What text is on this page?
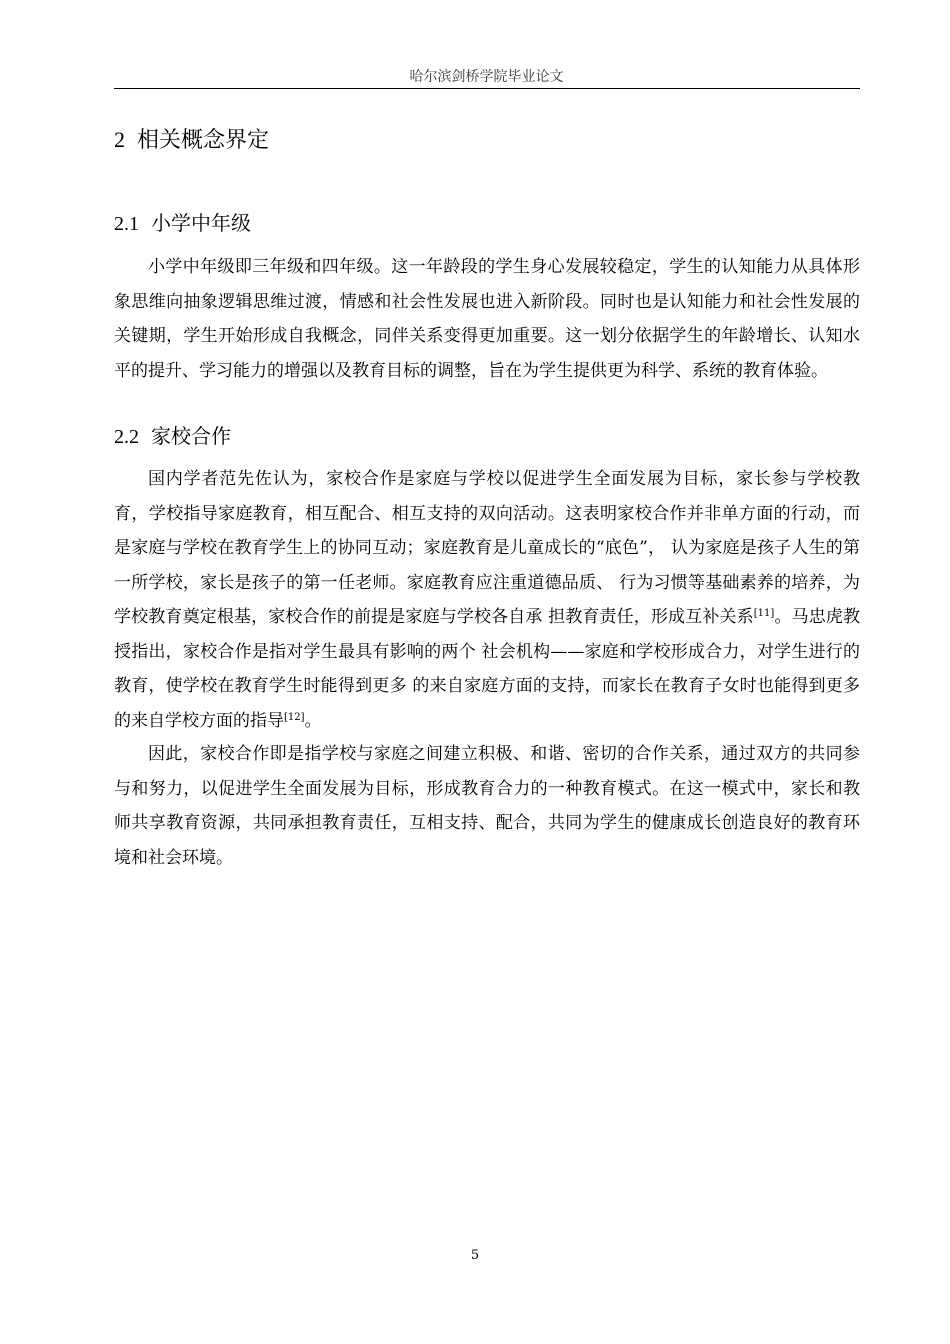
哈尔滨剑桥学院毕业论文
2 相关概念界定
2.1 小学中年级

小学中年级即三年级和四年级。这一年龄段的学生身心发展较稳定，学生的认知能力从具体形象思维向抽象逻辑思维过渡，情感和社会性发展也进入新阶段。同时也是认知能力和社会性发展的关键期，学生开始形成自我概念，同伴关系变得更加重要。这一划分依据学生的年龄增长、认知水平的提升、学习能力的增强以及教育目标的调整，旨在为学生提供更为科学、系统的教育体验。

2.2 家校合作

国内学者范先佐认为，家校合作是家庭与学校以促进学生全面发展为目标，家长参与学校教育，学校指导家庭教育，相互配合、相互支持的双向活动。这表明家校合作并非单方面的行动，而是家庭与学校在教育学生上的协同互动；家庭教育是儿童成长的“底色”， 认为家庭是孩子人生的第一所学校，家长是孩子的第一任老师。家庭教育应注重道德品质、 行为习惯等基础素养的培养，为学校教育奠定根基，家校合作的前提是家庭与学校各自承 担教育责任，形成互补关系[11]。马忠虎教授指出，家校合作是指对学生最具有影响的两个 社会机构——家庭和学校形成合力，对学生进行的教育，使学校在教育学生时能得到更多 的来自家庭方面的支持，而家长在教育子女时也能得到更多的来自学校方面的指导[12]。

因此，家校合作即是指学校与家庭之间建立积极、和谐、密切的合作关系，通过双方的共同参与和努力，以促进学生全面发展为目标，形成教育合力的一种教育模式。在这一模式中，家长和教师共享教育资源，共同承担教育责任，互相支持、配合，共同为学生的健康成长创造良好的教育环境和社会环境。

5
